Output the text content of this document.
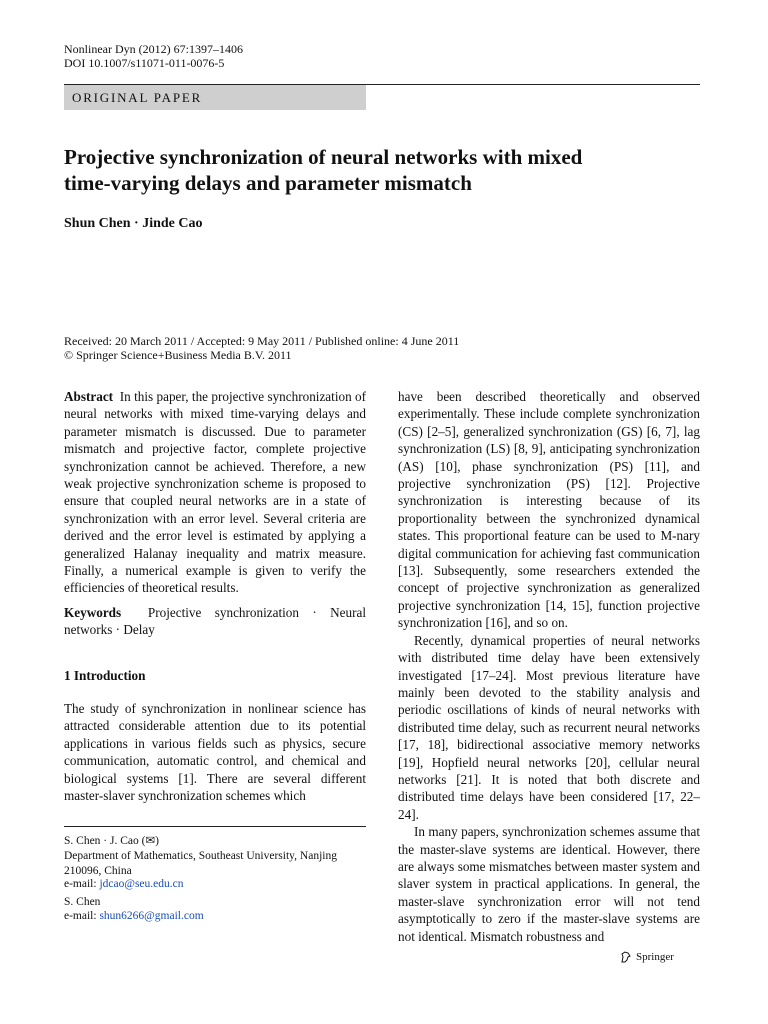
Nonlinear Dyn (2012) 67:1397–1406
DOI 10.1007/s11071-011-0076-5
ORIGINAL PAPER
Projective synchronization of neural networks with mixed
time-varying delays and parameter mismatch
Shun Chen · Jinde Cao
Received: 20 March 2011 / Accepted: 9 May 2011 / Published online: 4 June 2011
© Springer Science+Business Media B.V. 2011

Abstract In this paper, the projective synchronization of neural networks with mixed time-varying delays and parameter mismatch is discussed. Due to parameter mismatch and projective factor, complete projective synchronization cannot be achieved. Therefore, a new weak projective synchronization scheme is proposed to ensure that coupled neural networks are in a state of synchronization with an error level. Several criteria are derived and the error level is estimated by applying a generalized Halanay inequality and matrix measure. Finally, a numerical example is given to verify the efficiencies of theoretical results.

Keywords Projective synchronization · Neural networks · Delay

1 Introduction

The study of synchronization in nonlinear science has attracted considerable attention due to its potential applications in various fields such as physics, secure communication, automatic control, and chemical and biological systems [1]. There are several different master-slaver synchronization schemes which

have been described theoretically and observed experimentally. These include complete synchronization (CS) [2–5], generalized synchronization (GS) [6, 7], lag synchronization (LS) [8, 9], anticipating synchronization (AS) [10], phase synchronization (PS) [11], and projective synchronization (PS) [12]. Projective synchronization is interesting because of its proportionality between the synchronized dynamical states. This proportional feature can be used to M-nary digital communication for achieving fast communication [13]. Subsequently, some researchers extended the concept of projective synchronization as generalized projective synchronization [14, 15], function projective synchronization [16], and so on.

Recently, dynamical properties of neural networks with distributed time delay have been extensively investigated [17–24]. Most previous literature have mainly been devoted to the stability analysis and periodic oscillations of kinds of neural networks with distributed time delay, such as recurrent neural networks [17, 18], bidirectional associative memory networks [19], Hopfield neural networks [20], cellular neural networks [21]. It is noted that both discrete and distributed time delays have been considered [17, 22–24].

In many papers, synchronization schemes assume that the master-slave systems are identical. However, there are always some mismatches between master system and slaver system in practical applications. In general, the master-slave synchronization error will not tend asymptotically to zero if the master-slave systems are not identical. Mismatch robustness and

S. Chen · J. Cao (✉)
Department of Mathematics, Southeast University, Nanjing
210096, China
e-mail: jdcao@seu.edu.cn
S. Chen
e-mail: shun6266@gmail.com
Springer
